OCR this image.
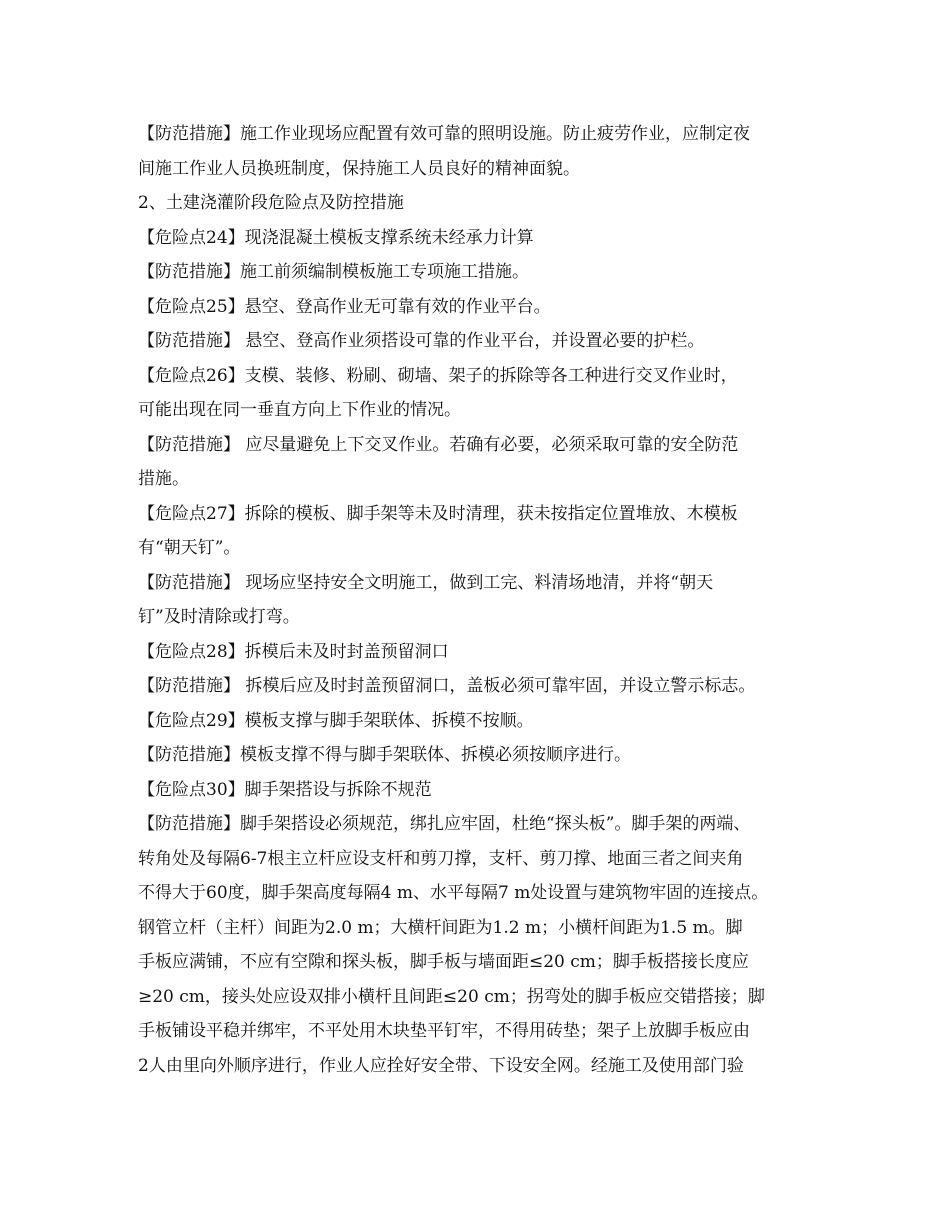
【防范措施】施工作业现场应配置有效可靠的照明设施。防止疲劳作业，应制定夜
间施工作业人员换班制度，保持施工人员良好的精神面貌。
2、土建浇灌阶段危险点及防控措施
【危险点24】现浇混凝土模板支撑系统未经承力计算
【防范措施】施工前须编制模板施工专项施工措施。
【危险点25】悬空、登高作业无可靠有效的作业平台。
【防范措施】 悬空、登高作业须搭设可靠的作业平台，并设置必要的护栏。
【危险点26】支模、装修、粉刷、砌墙、架子的拆除等各工种进行交叉作业时，
可能出现在同一垂直方向上下作业的情况。
【防范措施】 应尽量避免上下交叉作业。若确有必要，必须采取可靠的安全防范
措施。
【危险点27】拆除的模板、脚手架等未及时清理，获未按指定位置堆放、木模板
有“朝天钉”。
【防范措施】 现场应坚持安全文明施工，做到工完、料清场地清，并将“朝天
钉”及时清除或打弯。
【危险点28】拆模后未及时封盖预留洞口
【防范措施】 拆模后应及时封盖预留洞口，盖板必须可靠牢固，并设立警示标志。
【危险点29】模板支撑与脚手架联体、拆模不按顺。
【防范措施】模板支撑不得与脚手架联体、拆模必须按顺序进行。
【危险点30】脚手架搭设与拆除不规范
【防范措施】脚手架搭设必须规范，绑扎应牢固，杜绝“探头板”。脚手架的两端、
转角处及每隔6-7根主立杆应设支杆和剪刀撑，支杆、剪刀撑、地面三者之间夹角
不得大于60度，脚手架高度每隔4 m、水平每隔7 m处设置与建筑物牢固的连接点。
钢管立杆（主杆）间距为2.0 m；大横杆间距为1.2 m；小横杆间距为1.5 m。脚
手板应满铺，不应有空隙和探头板，脚手板与墙面距≤20 cm；脚手板搭接长度应
≥20 cm，接头处应设双排小横杆且间距≤20 cm；拐弯处的脚手板应交错搭接；脚
手板铺设平稳并绑牢，不平处用木块垫平钉牢，不得用砖垫；架子上放脚手板应由
2人由里向外顺序进行，作业人应拴好安全带、下设安全网。经施工及使用部门验
